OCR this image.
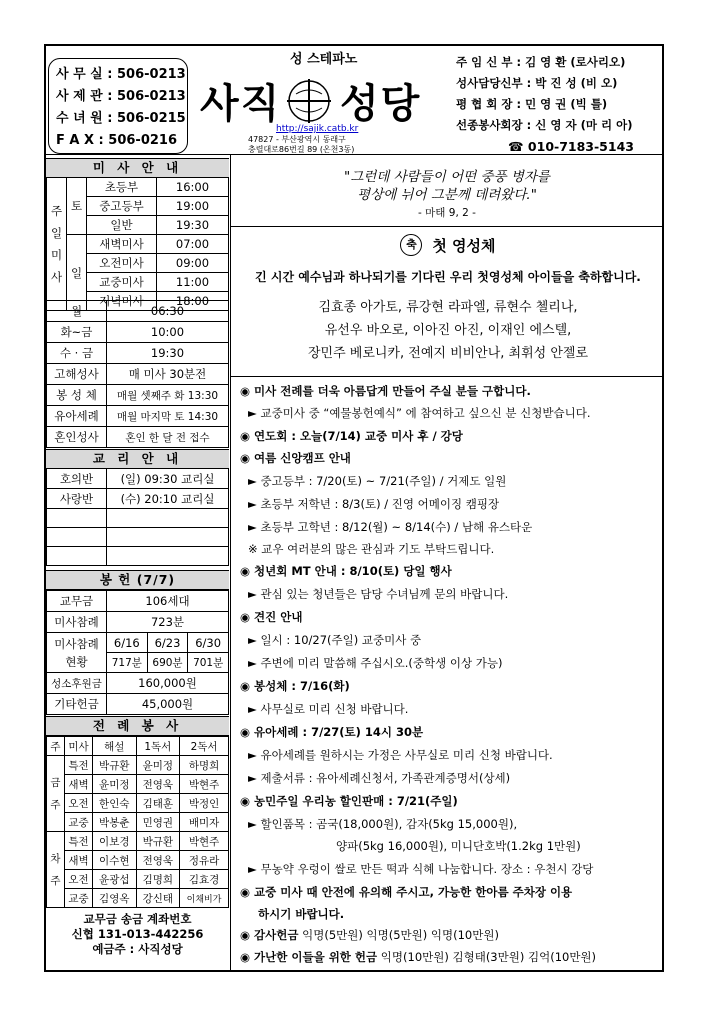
사 무 실 : 506-0213
사 제 관 : 506-0213
수 녀 원 : 506-0215
F A X : 506-0216
성 스테파노
사직 성당
http://sajik.catb.kr
47827 - 부산광역시 동래구
충렬대로86번길 89 (온천3동)
주 임 신 부 : 김 영 환 (로사리오)
성사담당신부 : 박 진 성 (비 오)
평 협 회 장 : 민 영 권 (빅 틀)
선종봉사회장 : 신 영 자 (마 리 아)
☎ 010-7183-5143
미 사 안 내
주
일
미
사	토	초등부	16:00
		중고등부	19:00
		일반	19:30
	일	새벽미사	07:00
		오전미사	09:00
		교중미사	11:00
		저녁미사	18:00
월	06:30
화~금	10:00
수 · 금	19:30
고해성사	매 미사 30분전
봉 성 체	매월 셋째주 화 13:30
유아세례	매월 마지막 토 14:30
혼인성사	혼인 한 달 전 접수
교 리 안 내
호의반	(일) 09:30 교리실
사랑반	(수) 20:10 교리실

봉 헌 (7/7)
교무금	106세대		
미사참례	723분		
미사참례
현황	6/16	6/23	6/30
	717분	690분	701분
성소후원금	160,000원		
기타헌금	45,000원		
전 례 봉 사
주	미사	해설	1독서	2독서
금
주	특전	박규환	윤미정	하명희
	새벽	윤미정	전영욱	박현주
	오전	한인숙	김태훈	박정인
	교중	박봉춘	민영권	배미자
차
주	특전	이보경	박규환	박현주
	새벽	이수현	전영욱	정유라
	오전	윤광섭	김명희	김효경
	교중	김영옥	강신태	이채비가
교무금 송금 계좌번호
신협 131-013-442256
예금주 : 사직성당
"그런데 사람들이 어떤 중풍 병자를
평상에 뉘어 그분께 데려왔다."
- 마태 9, 2 -
축 첫 영성체
긴 시간 예수님과 하나되기를 기다린 우리 첫영성체 아이들을 축하합니다.
김효종 아가토, 류강현 라파엘, 류현수 첼리나,
유선우 바오로, 이아진 아진, 이재인 에스텔,
장민주 베로니카, 전예지 비비안나, 최휘성 안젤로
◉ 미사 전례를 더욱 아름답게 만들어 주실 분들 구합니다.
► 교중미사 중 “예물봉헌예식” 에 참여하고 싶으신 분 신청받습니다.
◉ 연도회 : 오늘(7/14) 교중 미사 후 / 강당
◉ 여름 신앙캠프 안내
► 중고등부 : 7/20(토) ~ 7/21(주일) / 거제도 일원
► 초등부 저학년 : 8/3(토) / 진영 어메이징 캠핑장
► 초등부 고학년 : 8/12(월) ~ 8/14(수) / 남해 유스타운
※ 교우 여러분의 많은 관심과 기도 부탁드립니다.
◉ 청년회 MT 안내 : 8/10(토) 당일 행사
► 관심 있는 청년들은 담당 수녀님께 문의 바랍니다.
◉ 견진 안내
► 일시 : 10/27(주일) 교중미사 중
► 주변에 미리 말씀해 주십시오.(중학생 이상 가능)
◉ 봉성체 : 7/16(화)
► 사무실로 미리 신청 바랍니다.
◉ 유아세례 : 7/27(토) 14시 30분
► 유아세례를 원하시는 가정은 사무실로 미리 신청 바랍니다.
► 제출서류 : 유아세례신청서, 가족관계증명서(상세)
◉ 농민주일 우리농 할인판매 : 7/21(주일)
► 할인품목 : 곰국(18,000원), 감자(5kg 15,000원),
양파(5kg 16,000원), 미니단호박(1.2kg 1만원)
► 무농약 우렁이 쌀로 만든 떡과 식혜 나눔합니다. 장소 : 우천시 강당
◉ 교중 미사 때 안전에 유의해 주시고, 가능한 한아름 주차장 이용
하시기 바랍니다.
◉ 감사헌금 익명(5만원) 익명(5만원) 익명(10만원)
◉ 가난한 이들을 위한 헌금 익명(10만원) 김형태(3만원) 김억(10만원)
